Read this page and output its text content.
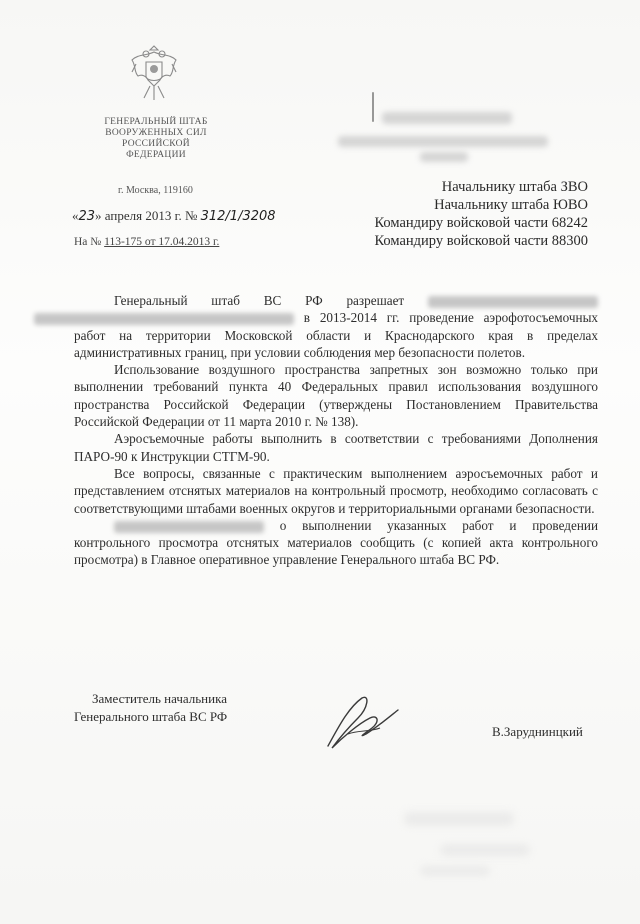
ГЕНЕРАЛЬНЫЙ ШТАБ
ВООРУЖЕННЫХ СИЛ
РОССИЙСКОЙ ФЕДЕРАЦИИ
г. Москва, 119160
«23» апреля 2013 г. № 312/1/3208
На № 113-175 от 17.04.2013 г.
Начальнику штаба ЗВО
Начальнику штаба ЮВО
Командиру войсковой части 68242
Командиру войсковой части 88300

Генеральный штаб ВС РФ разрешает   в 2013-2014 гг. проведение аэрофотосъемочных работ на территории Московской области и Краснодарского края в пределах административных границ, при условии соблюдения мер безопасности полетов.

Использование воздушного пространства запретных зон возможно только при выполнении требований пункта 40 Федеральных правил использования воздушного пространства Российской Федерации (утверждены Постановлением Правительства Российской Федерации от 11 марта 2010 г. № 138).

Аэросъемочные работы выполнить в соответствии с требованиями Дополнения ПАРО-90 к Инструкции СТГМ-90.

Все вопросы, связанные с практическим выполнением аэросъемочных работ и представлением отснятых материалов на контрольный просмотр, необходимо согласовать с соответствующими штабами военных округов и территориальными органами безопасности.

о выполнении указанных работ и проведении контрольного просмотра отснятых материалов сообщить (с копией акта контрольного просмотра) в Главное оперативное управление Генерального штаба ВС РФ.

Заместитель начальника
Генерального штаба ВС РФ
В.Заруднинцкий
